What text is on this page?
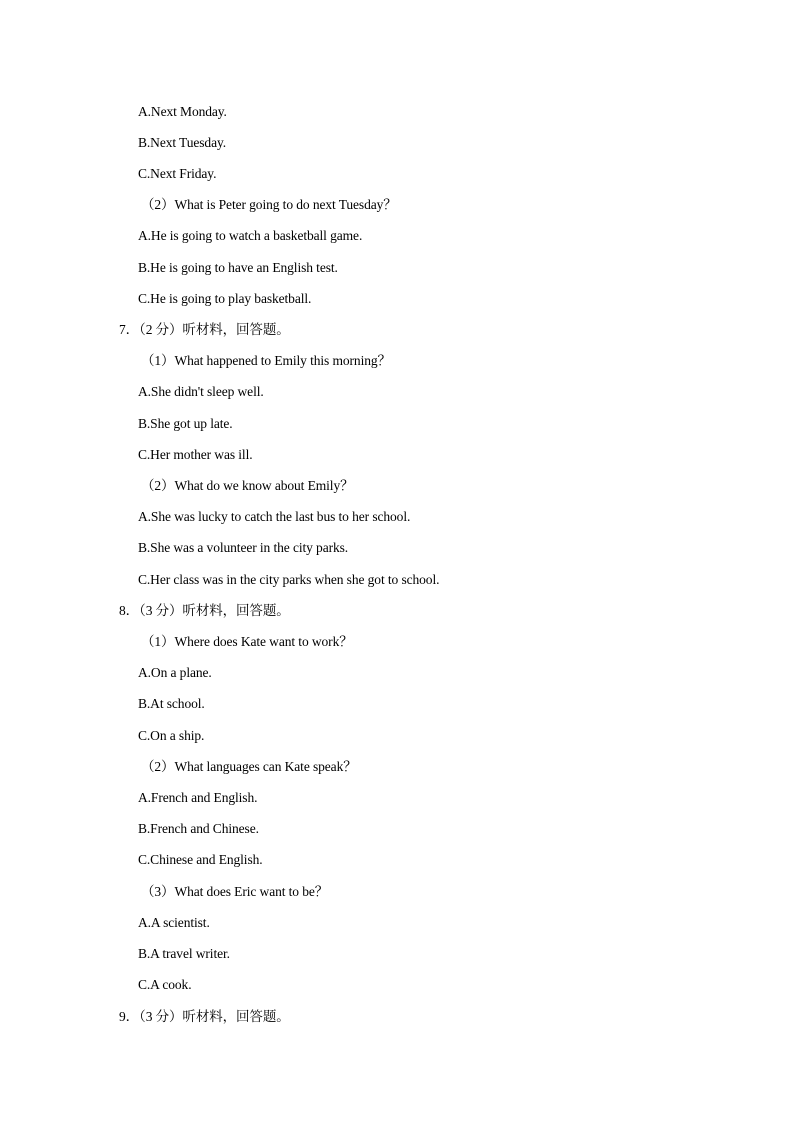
A.Next Monday.
B.Next Tuesday.
C.Next Friday.
（2）What is Peter going to do next Tuesday？
A.He is going to watch a basketball game.
B.He is going to have an English test.
C.He is going to play basketball.
7．（2 分）听材料，回答题。
（1）What happened to Emily this morning？
A.She didn't sleep well.
B.She got up late.
C.Her mother was ill.
（2）What do we know about Emily？
A.She was lucky to catch the last bus to her school.
B.She was a volunteer in the city parks.
C.Her class was in the city parks when she got to school.
8．（3 分）听材料，回答题。
（1）Where does Kate want to work？
A.On a plane.
B.At school.
C.On a ship.
（2）What languages can Kate speak？
A.French and English.
B.French and Chinese.
C.Chinese and English.
（3）What does Eric want to be？
A.A scientist.
B.A travel writer.
C.A cook.
9．（3 分）听材料，回答题。
